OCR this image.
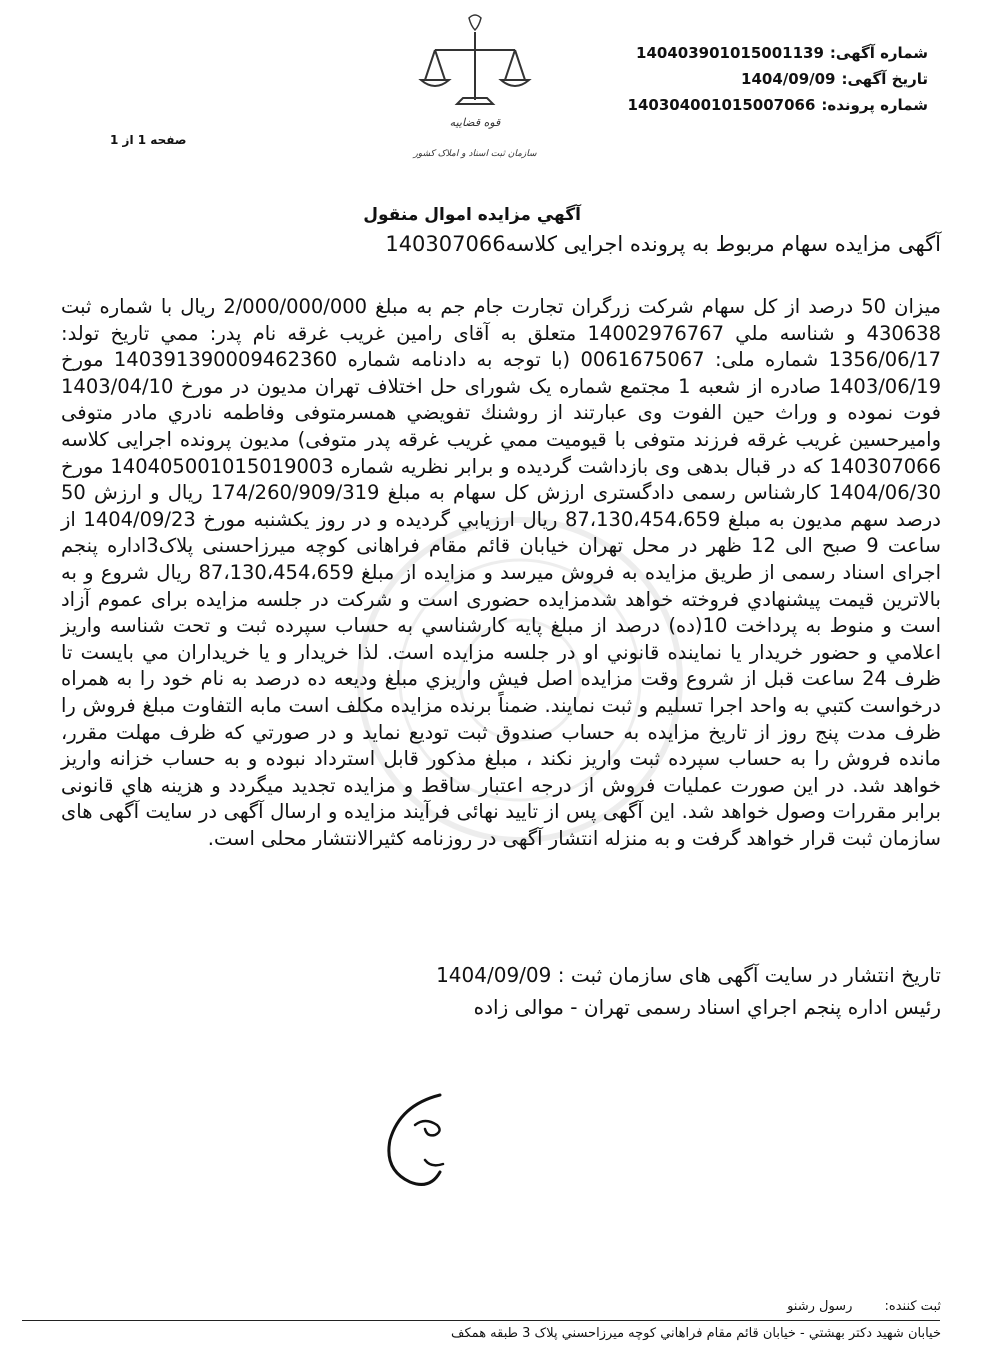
شماره آگهی:
140403901015001139
تاریخ آگهی:
1404/09/09
شماره پرونده:
140304001015007066
قوه قضاییه
سازمان ثبت اسناد و املاک کشور
صفحه 1 از 1
آگهي مزايده اموال منقول
آگهی مزایده سهام مربوط به پرونده اجرایی کلاسه140307066

میزان 50 درصد از کل سهام شرکت زرگران تجارت جام جم به مبلغ 2/000/000/000 ريال با شماره ثبت 430638 و شناسه ملي 14002976767 متعلق به آقای رامین غریب غرقه نام پدر: ممي تاريخ تولد: 1356/06/17 شماره ملی: 0061675067 (با توجه به دادنامه شماره 140391390009462360 مورخ 1403/06/19 صادره از شعبه 1 مجتمع شماره يک شورای حل اختلاف تهران مدیون در مورخ 1403/04/10 فوت نموده و وراث حین الفوت وی عبارتند از روشنك تفويضي همسرمتوفی وفاطمه نادري مادر متوفی وامیرحسین غریب غرقه فرزند متوفی با قیومیت ممي غریب غرقه پدر متوفی) مديون پرونده اجرایی کلاسه 140307066 که در قبال بدهی وی بازداشت گرديده و برابر نظریه شماره 140405001015019003 مورخ 1404/06/30 کارشناس رسمی دادگستری ارزش کل سهام به مبلغ 174/260/909/319 ريال و ارزش 50 درصد سهم مدیون به مبلغ 87،130،454،659 ريال ارزيابي گرديده و در روز يکشنبه مورخ 1404/09/23 از ساعت 9 صبح الی 12 ظهر در محل تهران خيابان قائم مقام فراهانی کوچه میرزاحسنی پلاک3اداره پنجم اجرای اسناد رسمی از طریق مزایده به فروش میرسد و مزایده از مبلغ 87،130،454،659 ريال شروع و به بالاترين قيمت پيشنهادي فروخته خواهد شدمزایده حضوری است و شرکت در جلسه مزایده برای عموم آزاد است و منوط به پرداخت 10(ده) درصد از مبلغ پایه کارشناسي به حساب سپرده ثبت و تحت شناسه واريز اعلامي و حضور خريدار يا نماينده قانوني او در جلسه مزايده است. لذا خریدار و یا خریداران مي بايست تا ظرف 24 ساعت قبل از شروع وقت مزايده اصل فيش واريزي مبلغ وديعه ده درصد به نام خود را به همراه درخواست کتبي به واحد اجرا تسليم و ثبت نمايند. ضمناً برنده مزایده مکلف است مابه التفاوت مبلغ فروش را ظرف مدت پنج روز از تاريخ مزايده به حساب صندوق ثبت توديع نمايد و در صورتي که ظرف مهلت مقرر، مانده فروش را به حساب سپرده ثبت واريز نکند ، مبلغ مذکور قابل استرداد نبوده و به حساب خزانه واريز خواهد شد. در این صورت عملیات فروش از درجه اعتبار ساقط و مزایده تجدید میگردد و هزينه هاي قانونی برابر مقررات وصول خواهد شد. این آگهی پس از تایید نهائی فرآیند مزایده و ارسال آگهی در سایت آگهی های سازمان ثبت قرار خواهد گرفت و به منزله انتشار آگهی در روزنامه کثیرالانتشار محلی است.

تاریخ انتشار در سایت آگهی های سازمان ثبت : 1404/09/09
رئيس اداره پنجم اجراي اسناد رسمی تهران - موالی زاده
ثبت کننده: رسول رشنو
خيابان شهيد دکتر بهشتي - خيابان قائم مقام فراهاني كوچه ميرزاحسني پلاک 3 طبقه همکف
